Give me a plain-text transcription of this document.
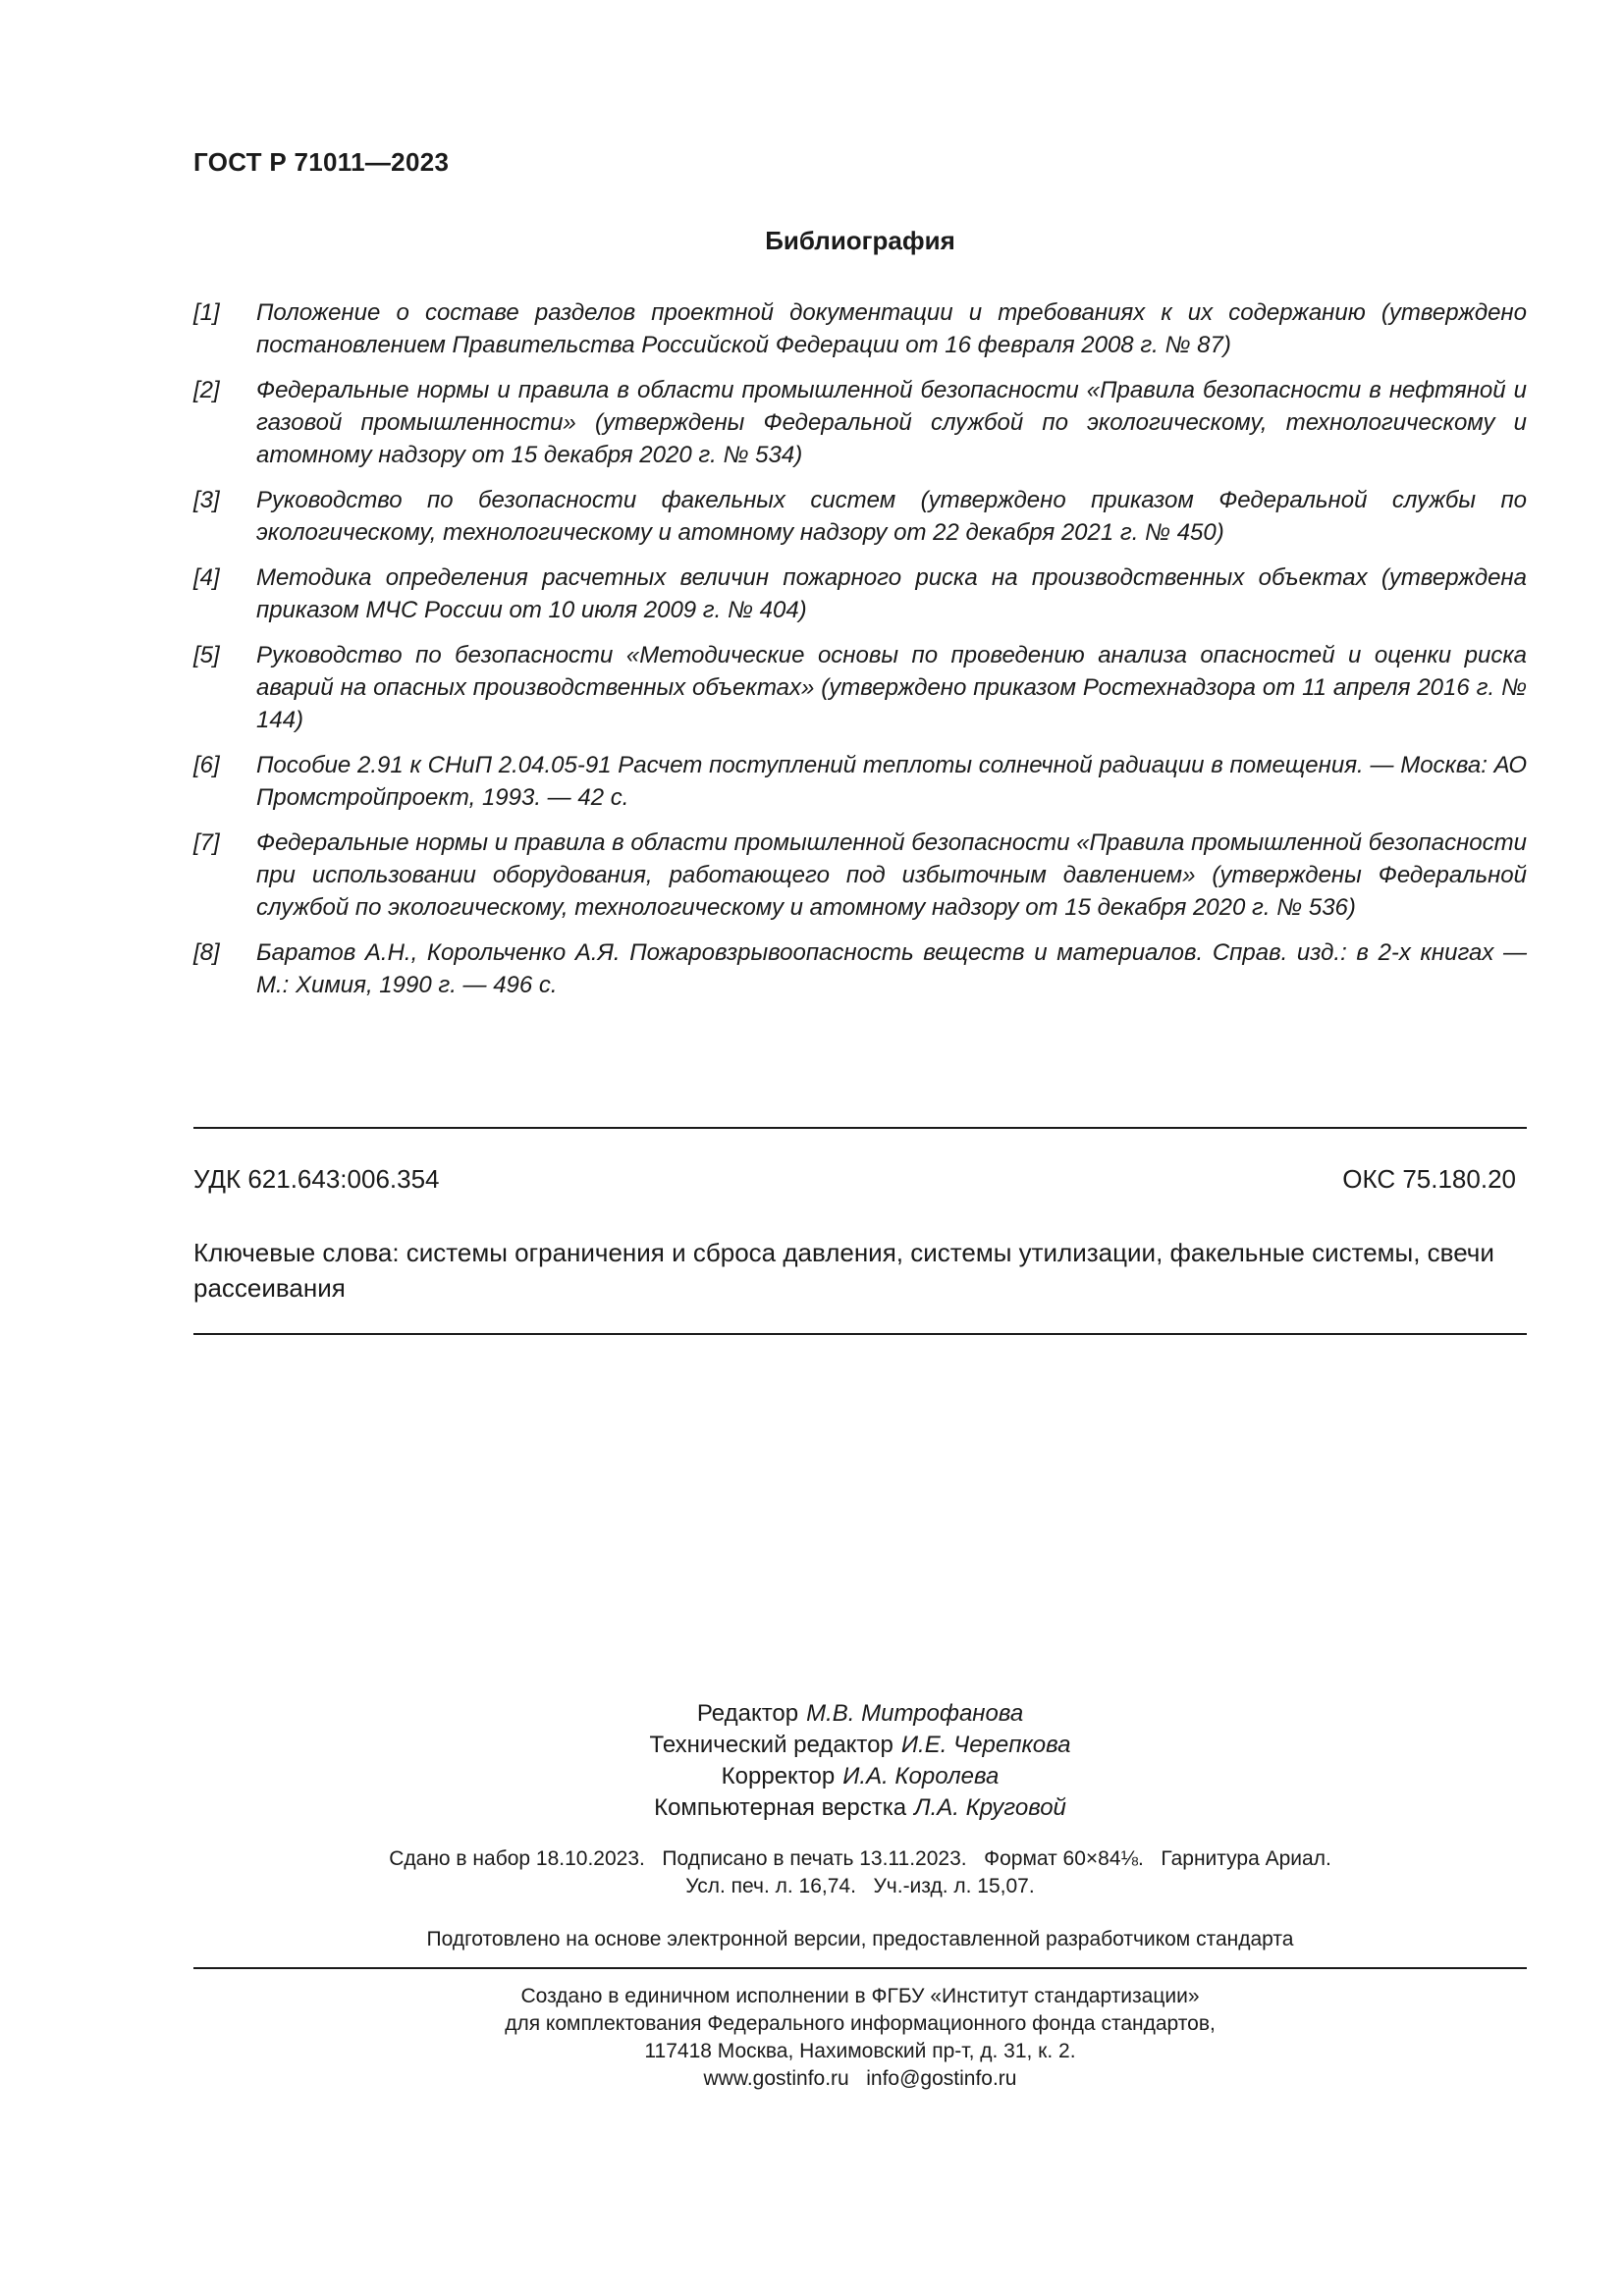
ГОСТ Р 71011—2023
Библиография
[1]	Положение о составе разделов проектной документации и требованиях к их содержанию (утверждено постановлением Правительства Российской Федерации от 16 февраля 2008 г. № 87)
[2]	Федеральные нормы и правила в области промышленной безопасности «Правила безопасности в нефтяной и газовой промышленности» (утверждены Федеральной службой по экологическому, технологическому и атомному надзору от 15 декабря 2020 г. № 534)
[3]	Руководство по безопасности факельных систем (утверждено приказом Федеральной службы по экологическому, технологическому и атомному надзору от 22 декабря 2021 г. № 450)
[4]	Методика определения расчетных величин пожарного риска на производственных объектах (утверждена приказом МЧС России от 10 июля 2009 г. № 404)
[5]	Руководство по безопасности «Методические основы по проведению анализа опасностей и оценки риска аварий на опасных производственных объектах» (утверждено приказом Ростехнадзора от 11 апреля 2016 г. № 144)
[6]	Пособие 2.91 к СНиП 2.04.05-91 Расчет поступлений теплоты солнечной радиации в помещения. — Москва: АО Промстройпроект, 1993. — 42 с.
[7]	Федеральные нормы и правила в области промышленной безопасности «Правила промышленной безопасности при использовании оборудования, работающего под избыточным давлением» (утверждены Федеральной службой по экологическому, технологическому и атомному надзору от 15 декабря 2020 г. № 536)
[8]	Баратов А.Н., Корольченко А.Я. Пожаровзрывоопасность веществ и материалов. Справ. изд.: в 2-х книгах — М.: Химия, 1990 г. — 496 с.
УДК 621.643:006.354	ОКС 75.180.20
Ключевые слова: системы ограничения и сброса давления, системы утилизации, факельные системы, свечи рассеивания
Редактор М.В. Митрофанова
Технический редактор И.Е. Черепкова
Корректор И.А. Королева
Компьютерная верстка Л.А. Круговой
Сдано в набор 18.10.2023. Подписано в печать 13.11.2023. Формат 60×84⅛. Гарнитура Ариал.
Усл. печ. л. 16,74. Уч.-изд. л. 15,07.
Подготовлено на основе электронной версии, предоставленной разработчиком стандарта
Создано в единичном исполнении в ФГБУ «Институт стандартизации»
для комплектования Федерального информационного фонда стандартов,
117418 Москва, Нахимовский пр-т, д. 31, к. 2.
www.gostinfo.ru info@gostinfo.ru
